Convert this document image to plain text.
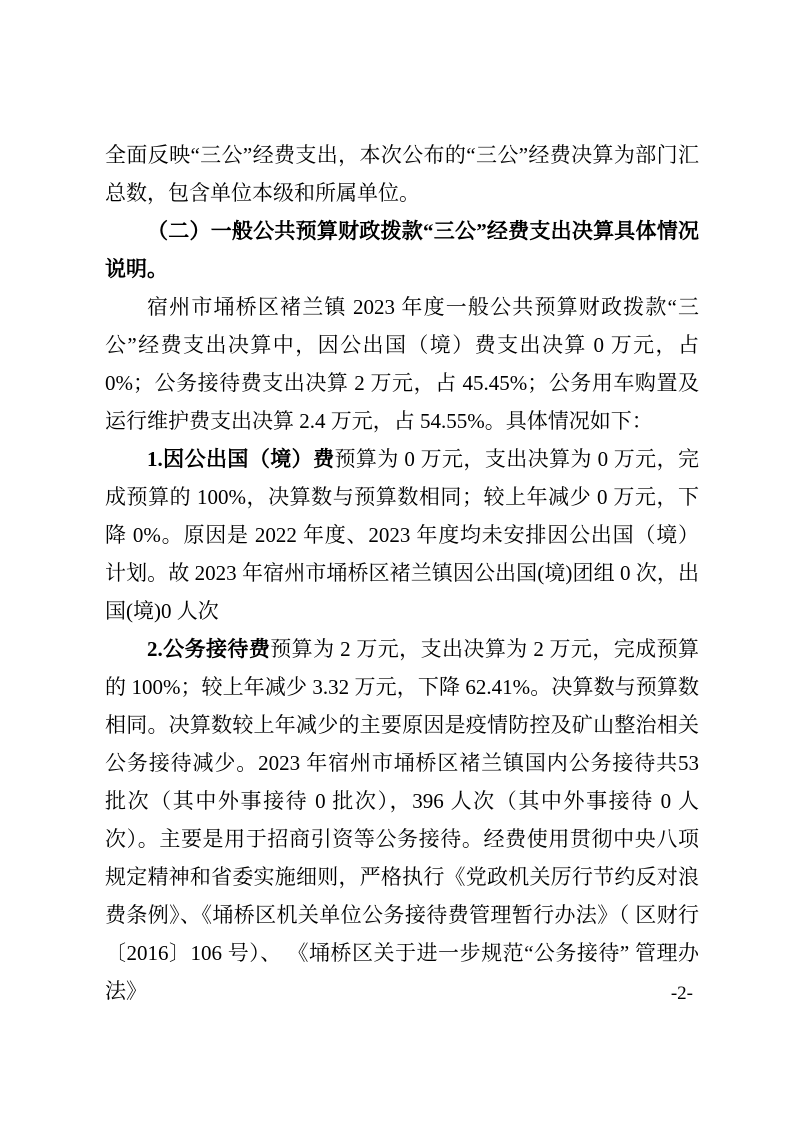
全面反映“三公”经费支出，本次公布的“三公”经费决算为部门汇总数，包含单位本级和所属单位。

（二）一般公共预算财政拨款“三公”经费支出决算具体情况说明。

宿州市埇桥区褚兰镇 2023 年度一般公共预算财政拨款“三公”经费支出决算中，因公出国（境）费支出决算 0 万元，占 0%；公务接待费支出决算 2 万元，占 45.45%；公务用车购置及运行维护费支出决算 2.4 万元，占 54.55%。具体情况如下：

1.因公出国（境）费预算为 0 万元，支出决算为 0 万元，完成预算的 100%，决算数与预算数相同；较上年减少 0 万元，下降 0%。原因是 2022 年度、2023 年度均未安排因公出国（境）计划。故 2023 年宿州市埇桥区褚兰镇因公出国(境)团组 0 次，出国(境)0 人次

2.公务接待费预算为 2 万元，支出决算为 2 万元，完成预算的 100%；较上年减少 3.32 万元，下降 62.41%。决算数与预算数相同。决算数较上年减少的主要原因是疫情防控及矿山整治相关公务接待减少。2023 年宿州市埇桥区褚兰镇国内公务接待共53 批次（其中外事接待 0 批次），396 人次（其中外事接待 0 人次）。主要是用于招商引资等公务接待。经费使用贯彻中央八项规定精神和省委实施细则，严格执行《党政机关厉行节约反对浪费条例》、《埇桥区机关单位公务接待费管理暂行办法》（ 区财行〔2016〕106 号）、 《埇桥区关于进一步规范“公务接待” 管理办法》	-2-
